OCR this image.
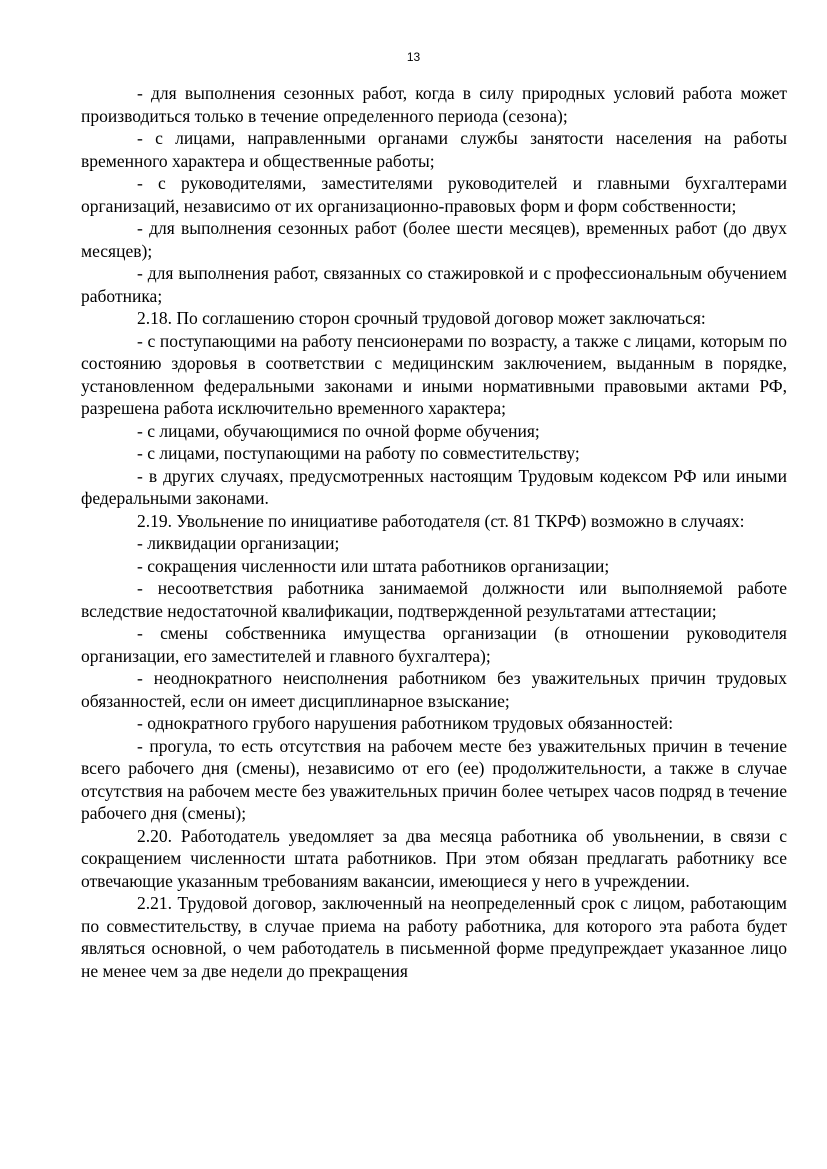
13

- для выполнения сезонных работ, когда в силу природных условий работа может производиться только в течение определенного периода (сезона);

- с лицами, направленными органами службы занятости населения на работы временного характера и общественные работы;

- с руководителями, заместителями руководителей и главными бухгалтерами организаций, независимо от их организационно-правовых форм и форм собственности;

- для выполнения сезонных работ (более шести месяцев), временных работ (до двух месяцев);

- для выполнения работ, связанных со стажировкой и с профессиональным обучением работника;

2.18. По соглашению сторон срочный трудовой договор может заключаться:

- с поступающими на работу пенсионерами по возрасту, а также с лицами, которым по состоянию здоровья в соответствии с медицинским заключением, выданным в порядке, установленном федеральными законами и иными нормативными правовыми актами РФ, разрешена работа исключительно временного характера;

- с лицами, обучающимися по очной форме обучения;

- с лицами, поступающими на работу по совместительству;

- в других случаях, предусмотренных настоящим Трудовым кодексом РФ или иными федеральными законами.

2.19. Увольнение по инициативе работодателя (ст. 81 ТКРФ) возможно в случаях:

- ликвидации организации;

- сокращения численности или штата работников организации;

- несоответствия работника занимаемой должности или выполняемой работе вследствие недостаточной квалификации, подтвержденной результатами аттестации;

- смены собственника имущества организации (в отношении руководителя организации, его заместителей и главного бухгалтера);

- неоднократного неисполнения работником без уважительных причин трудовых обязанностей, если он имеет дисциплинарное взыскание;

- однократного грубого нарушения работником трудовых обязанностей:

- прогула, то есть отсутствия на рабочем месте без уважительных причин в течение всего рабочего дня (смены), независимо от его (ее) продолжительности, а также в случае отсутствия на рабочем месте без уважительных причин более четырех часов подряд в течение рабочего дня (смены);

2.20. Работодатель уведомляет за два месяца работника об увольнении, в связи с сокращением численности штата работников. При этом обязан предлагать работнику все отвечающие указанным требованиям вакансии, имеющиеся у него в учреждении.

2.21. Трудовой договор, заключенный на неопределенный срок с лицом, работающим по совместительству, в случае приема на работу работника, для которого эта работа будет являться основной, о чем работодатель в письменной форме предупреждает указанное лицо не менее чем за две недели до прекращения
